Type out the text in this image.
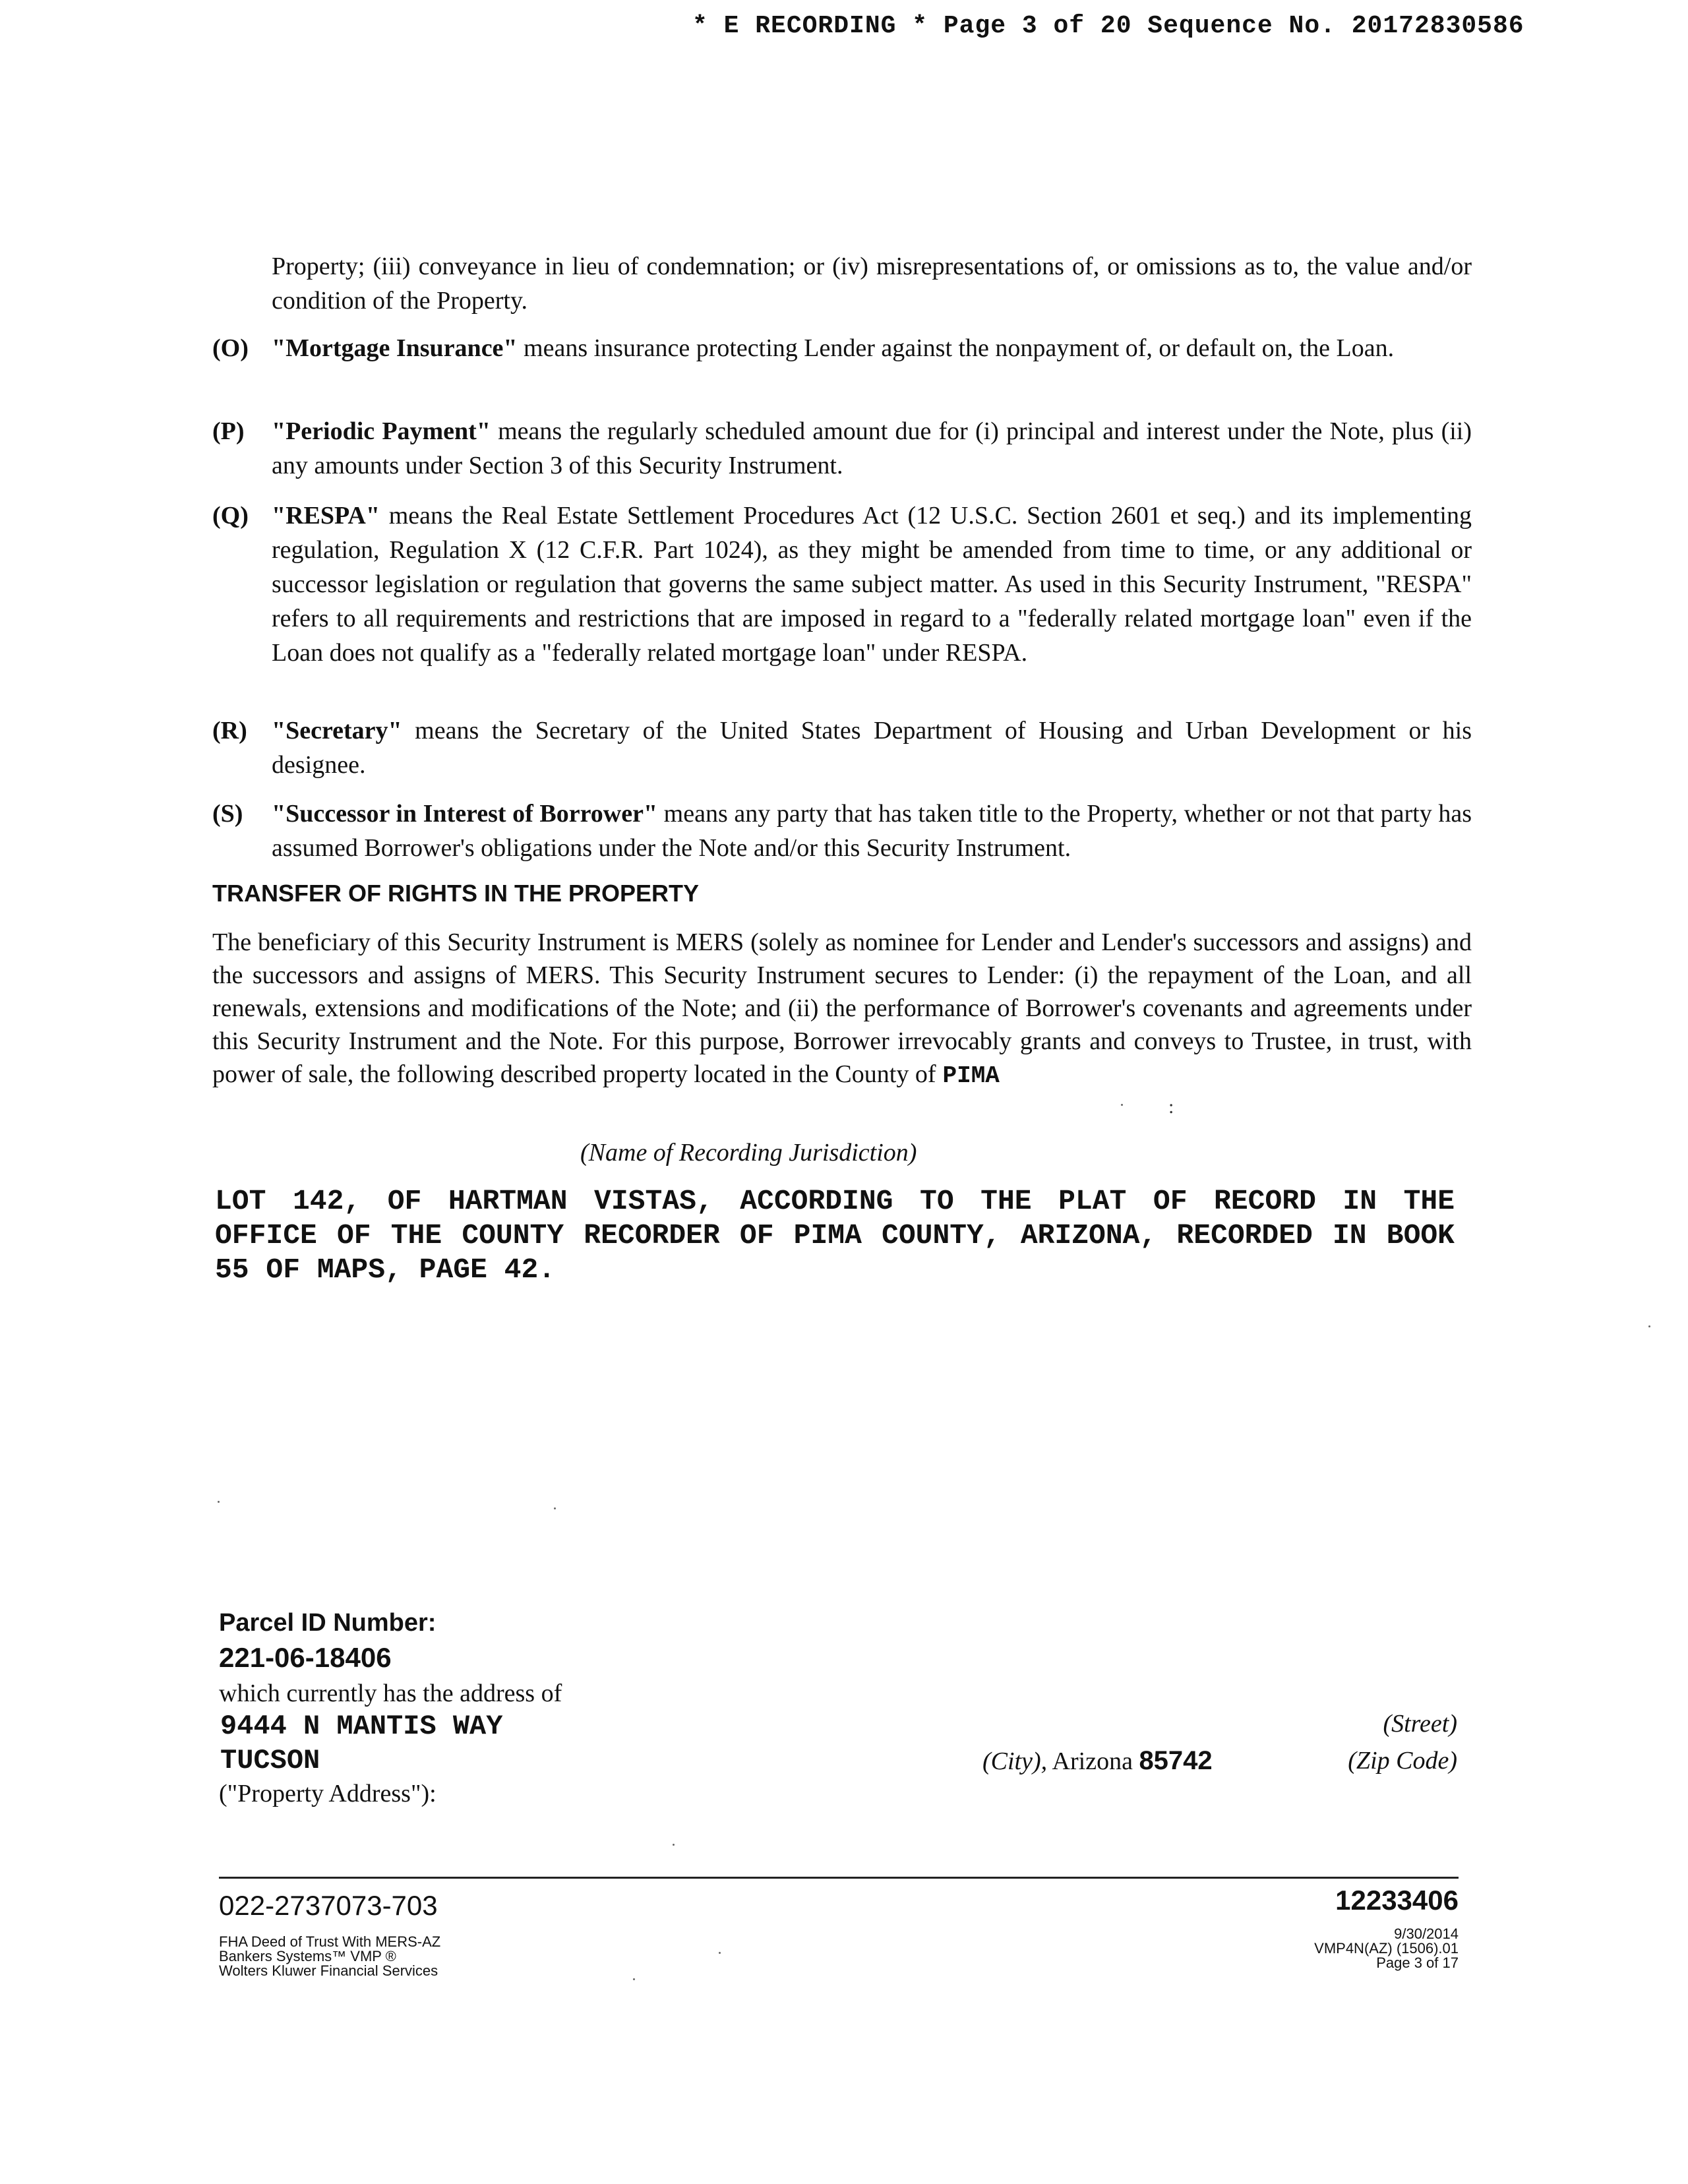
* E RECORDING * Page 3 of 20 Sequence No. 20172830586
Property; (iii) conveyance in lieu of condemnation; or (iv) misrepresentations of, or omissions as to, the value and/or condition of the Property.
(O) "Mortgage Insurance" means insurance protecting Lender against the nonpayment of, or default on, the Loan.
(P)	"Periodic Payment" means the regularly scheduled amount due for (i) principal and interest under the Note, plus (ii) any amounts under Section 3 of this Security Instrument.
(Q) "RESPA" means the Real Estate Settlement Procedures Act (12 U.S.C. Section 2601 et seq.) and its implementing regulation, Regulation X (12 C.F.R. Part 1024), as they might be amended from time to time, or any additional or successor legislation or regulation that governs the same subject matter. As used in this Security Instrument, "RESPA" refers to all requirements and restrictions that are imposed in regard to a "federally related mortgage loan" even if the Loan does not qualify as a "federally related mortgage loan" under RESPA.
(R) "Secretary" means the Secretary of the United States Department of Housing and Urban Development or his designee.
(S)	"Successor in Interest of Borrower" means any party that has taken title to the Property, whether or not that party has assumed Borrower's obligations under the Note and/or this Security Instrument.
TRANSFER OF RIGHTS IN THE PROPERTY
The beneficiary of this Security Instrument is MERS (solely as nominee for Lender and Lender's successors and assigns) and the successors and assigns of MERS. This Security Instrument secures to Lender: (i) the repayment of the Loan, and all renewals, extensions and modifications of the Note; and (ii) the performance of Borrower's covenants and agreements under this Security Instrument and the Note. For this purpose, Borrower irrevocably grants and conveys to Trustee, in trust, with power of sale, the following described property located in the County of PIMA
:
(Name of Recording Jurisdiction)
LOT 142, OF HARTMAN VISTAS, ACCORDING TO THE PLAT OF RECORD IN THE OFFICE OF THE COUNTY RECORDER OF PIMA COUNTY, ARIZONA, RECORDED IN BOOK 55 OF MAPS, PAGE 42.
Parcel ID Number:
221-06-18406
which currently has the address of
9444 N MANTIS WAY
TUCSON
("Property Address"):
(Street)
(City), Arizona 85742	(Zip Code)
022-2737073-703	12233406
FHA Deed of Trust With MERS-AZ
Bankers Systems™ VMP ®
Wolters Kluwer Financial Services
9/30/2014
VMP4N(AZ) (1506).01
Page 3 of 17
